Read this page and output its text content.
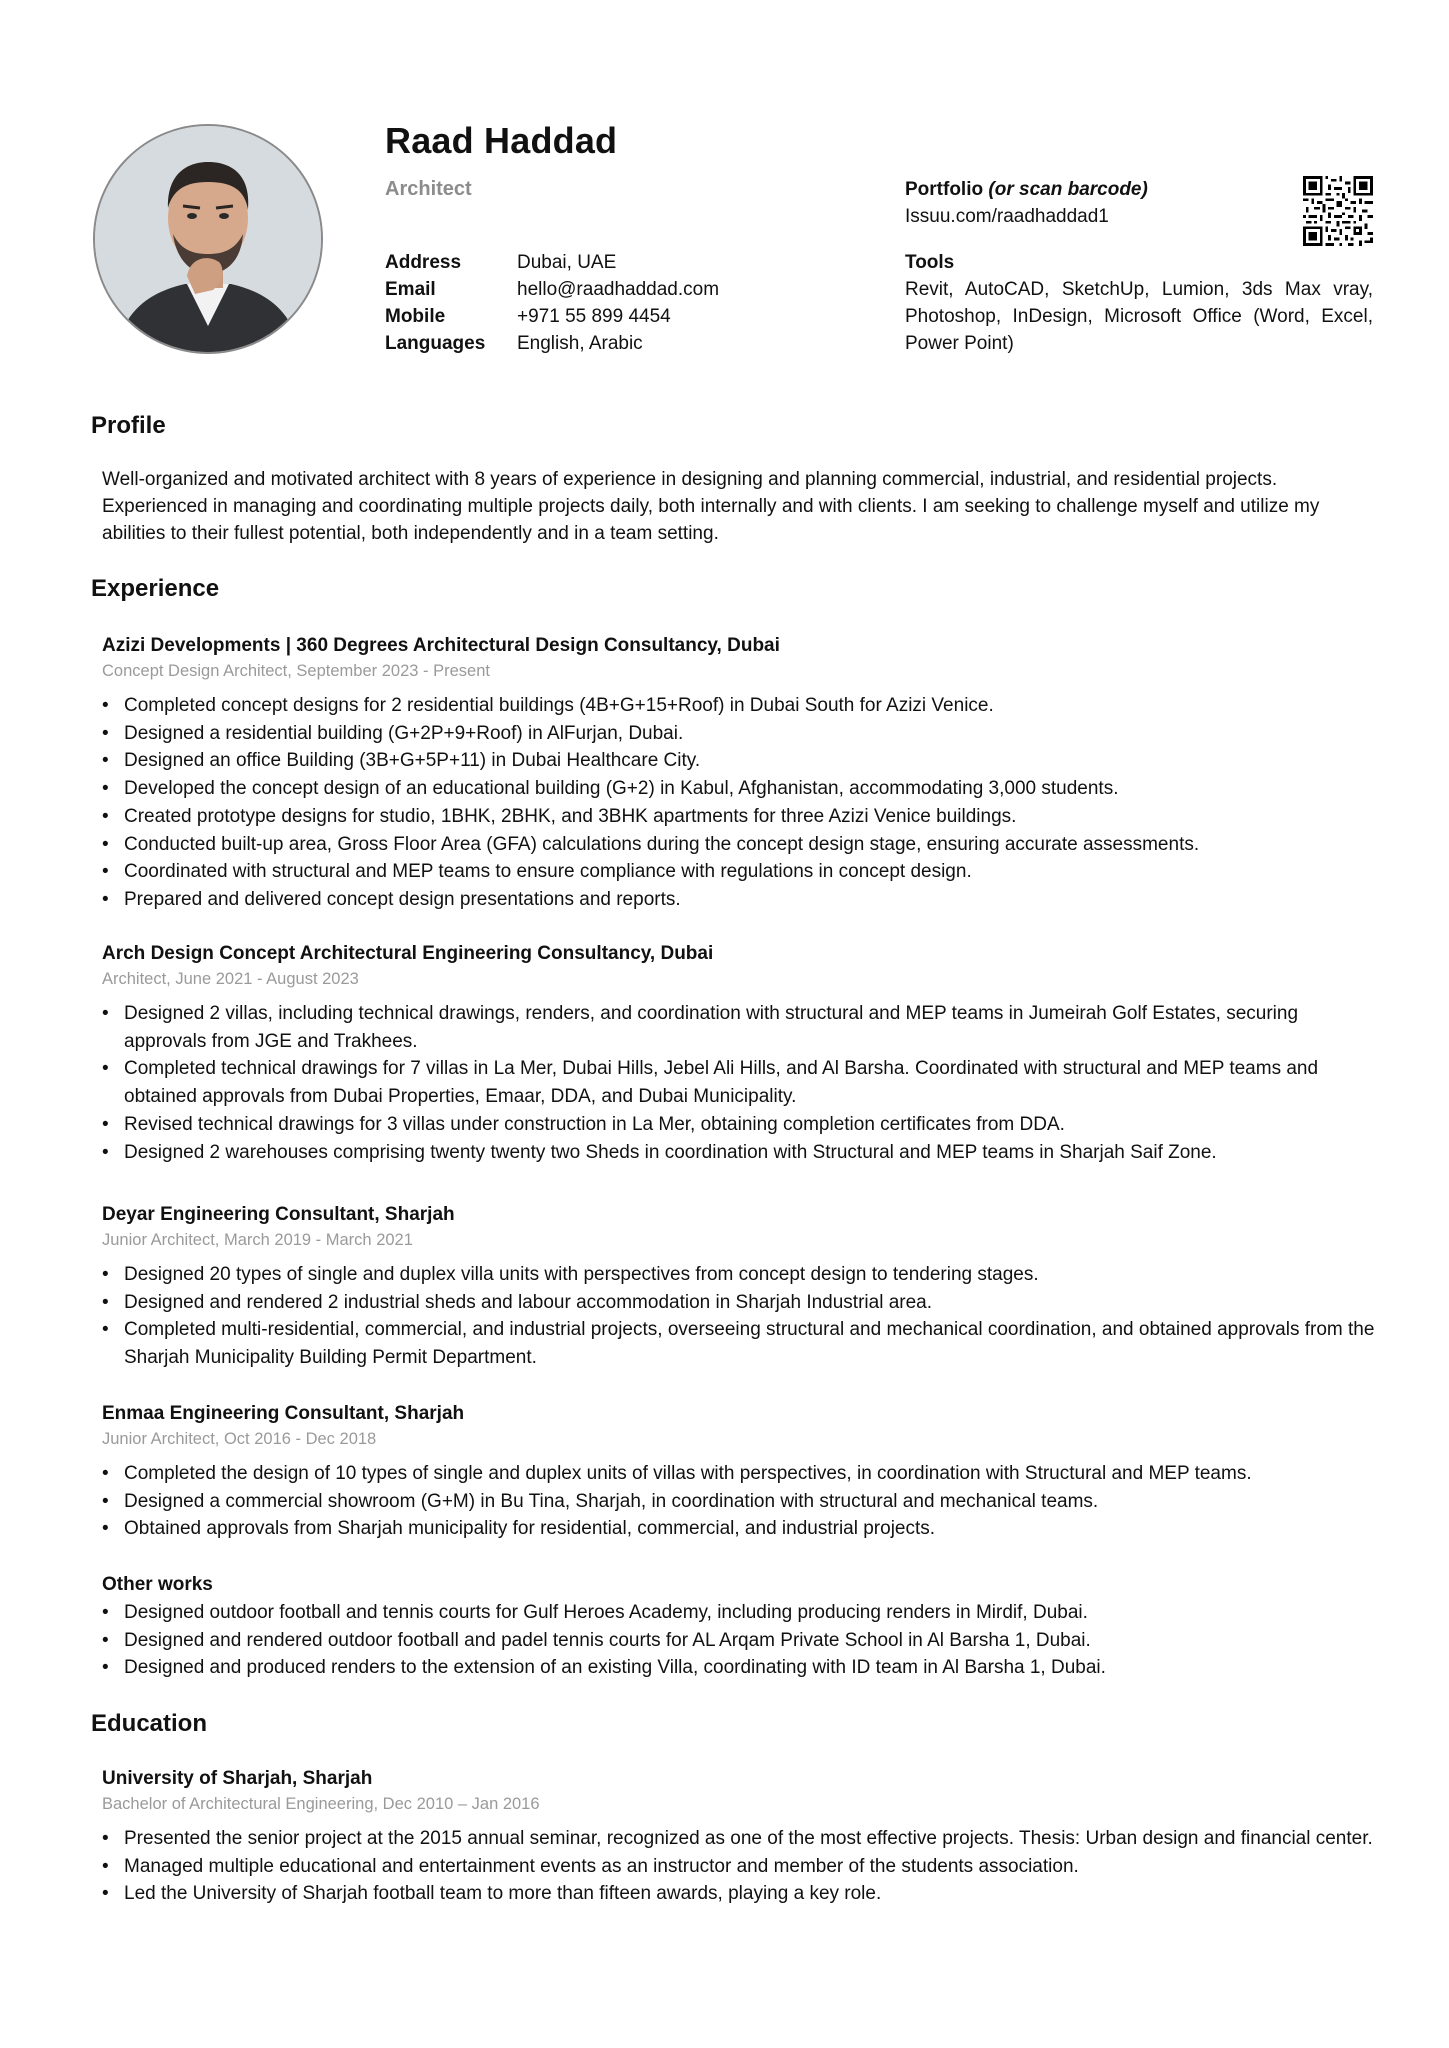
Raad Haddad
Architect
Address	Dubai, UAE
Email	hello@raadhaddad.com
Mobile	+971 55 899 4454
Languages	English, Arabic
Portfolio (or scan barcode)
Issuu.com/raadhaddad1
Tools
Revit, AutoCAD, SketchUp, Lumion, 3ds Max vray, Photoshop, InDesign, Microsoft Office (Word, Excel, Power Point)
Profile
Well-organized and motivated architect with 8 years of experience in designing and planning commercial, industrial, and residential projects. Experienced in managing and coordinating multiple projects daily, both internally and with clients. I am seeking to challenge myself and utilize my abilities to their fullest potential, both independently and in a team setting.
Experience
Azizi Developments | 360 Degrees Architectural Design Consultancy, Dubai
Concept Design Architect, September 2023 - Present
• Completed concept designs for 2 residential buildings (4B+G+15+Roof) in Dubai South for Azizi Venice.
• Designed a residential building (G+2P+9+Roof) in AlFurjan, Dubai.
• Designed an office Building (3B+G+5P+11) in Dubai Healthcare City.
• Developed the concept design of an educational building (G+2) in Kabul, Afghanistan, accommodating 3,000 students.
• Created prototype designs for studio, 1BHK, 2BHK, and 3BHK apartments for three Azizi Venice buildings.
• Conducted built-up area, Gross Floor Area (GFA) calculations during the concept design stage, ensuring accurate assessments.
• Coordinated with structural and MEP teams to ensure compliance with regulations in concept design.
• Prepared and delivered concept design presentations and reports.
Arch Design Concept Architectural Engineering Consultancy, Dubai
Architect, June 2021 - August 2023
• Designed 2 villas, including technical drawings, renders, and coordination with structural and MEP teams in Jumeirah Golf Estates, securing approvals from JGE and Trakhees.
• Completed technical drawings for 7 villas in La Mer, Dubai Hills, Jebel Ali Hills, and Al Barsha. Coordinated with structural and MEP teams and obtained approvals from Dubai Properties, Emaar, DDA, and Dubai Municipality.
• Revised technical drawings for 3 villas under construction in La Mer, obtaining completion certificates from DDA.
• Designed 2 warehouses comprising twenty twenty two Sheds in coordination with Structural and MEP teams in Sharjah Saif Zone.
Deyar Engineering Consultant, Sharjah
Junior Architect, March 2019 - March 2021
• Designed 20 types of single and duplex villa units with perspectives from concept design to tendering stages.
• Designed and rendered 2 industrial sheds and labour accommodation in Sharjah Industrial area.
• Completed multi-residential, commercial, and industrial projects, overseeing structural and mechanical coordination, and obtained approvals from the Sharjah Municipality Building Permit Department.
Enmaa Engineering Consultant, Sharjah
Junior Architect, Oct 2016 - Dec 2018
• Completed the design of 10 types of single and duplex units of villas with perspectives, in coordination with Structural and MEP teams.
• Designed a commercial showroom (G+M) in Bu Tina, Sharjah, in coordination with structural and mechanical teams.
• Obtained approvals from Sharjah municipality for residential, commercial, and industrial projects.
Other works
• Designed outdoor football and tennis courts for Gulf Heroes Academy, including producing renders in Mirdif, Dubai.
• Designed and rendered outdoor football and padel tennis courts for AL Arqam Private School in Al Barsha 1, Dubai.
• Designed and produced renders to the extension of an existing Villa, coordinating with ID team in Al Barsha 1, Dubai.
Education
University of Sharjah, Sharjah
Bachelor of Architectural Engineering, Dec 2010 – Jan 2016
• Presented the senior project at the 2015 annual seminar, recognized as one of the most effective projects. Thesis: Urban design and financial center.
• Managed multiple educational and entertainment events as an instructor and member of the students association.
• Led the University of Sharjah football team to more than fifteen awards, playing a key role.
